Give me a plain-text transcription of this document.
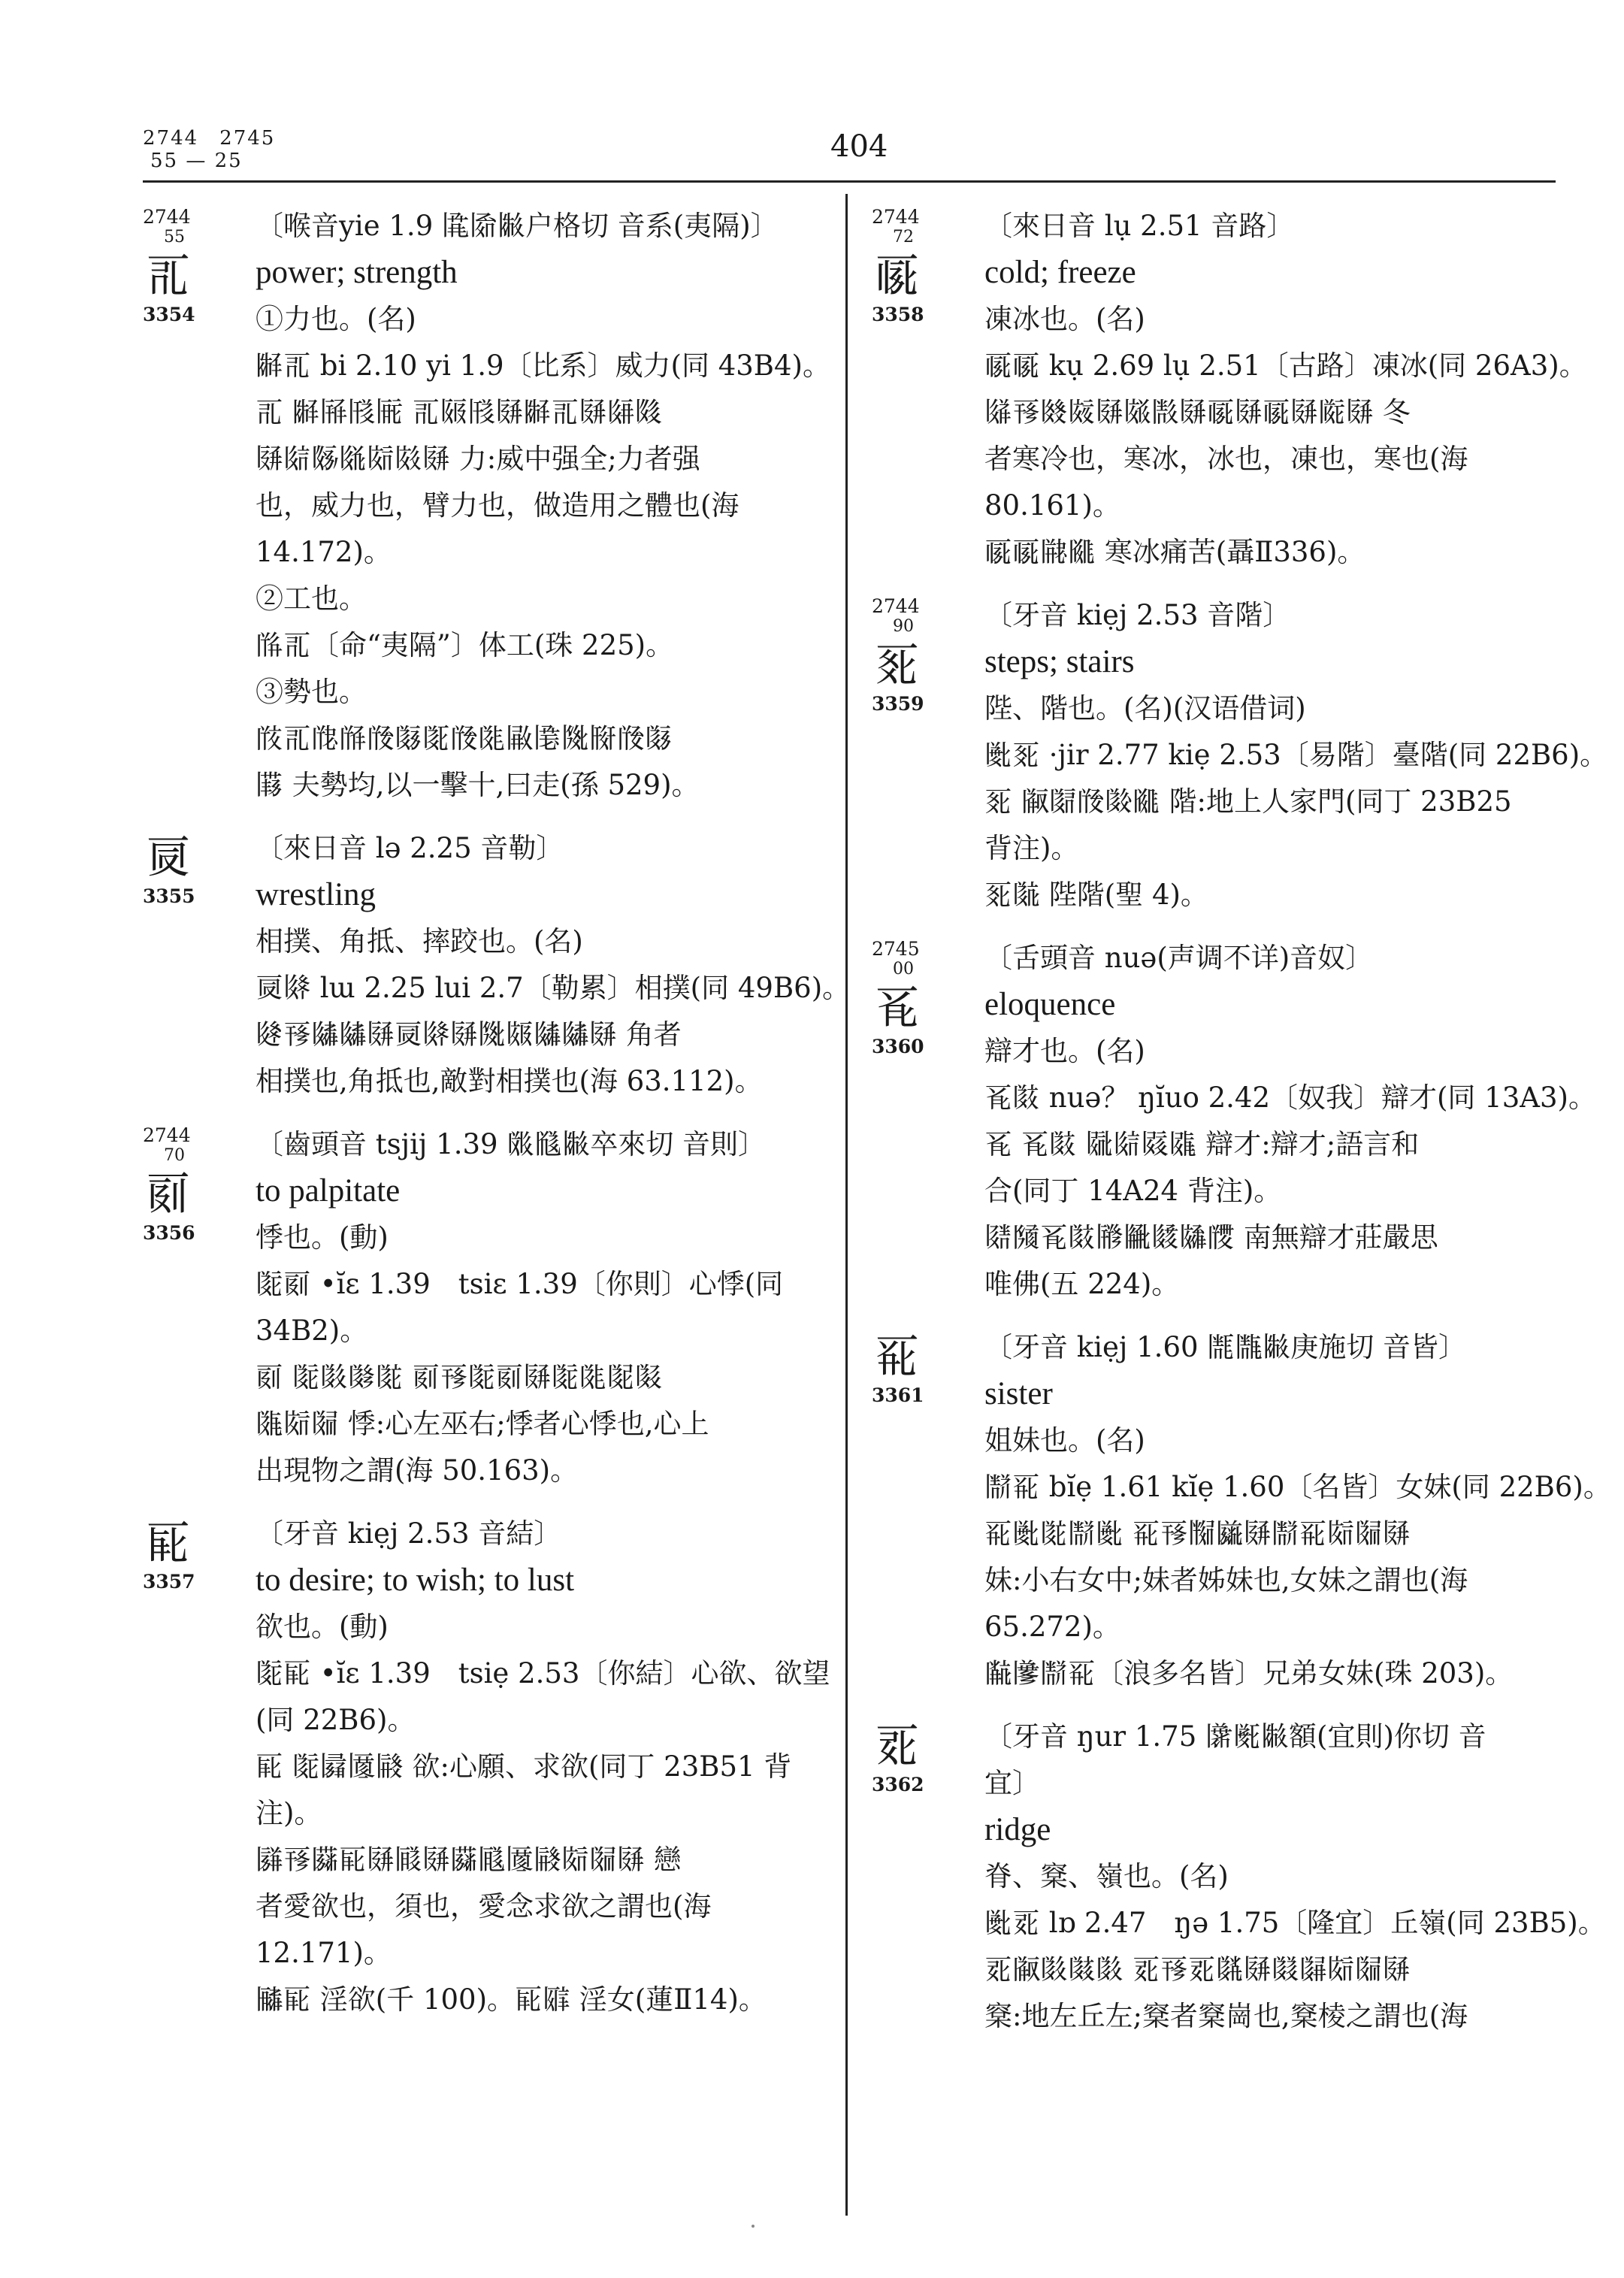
2744　2745
55 — 25	404
2744
55
𗀀
3354
〔喉音yie 1.9 𗁡𗁢𗁣户格切 音系(夷隔)〕
power; strength
①力也。(名)
𗁤𗀀 bi 2.10 yi 1.9〔比系〕威力(同 43B4)。
𗀀 𗁤𗁥𗁦𗁧 𗀀𗁨𗁦𗁩𗁤𗀀𗁩𗁪𗁫
𗁩𗁬𗁭𗁮𗁯𗁰𗁩 力:威中强全;力者强
也，威力也，臂力也，做造用之體也(海
14.172)。
②工也。
𗁱𗀀〔命“夷隔”〕体工(珠 225)。
③勢也。
𗁲𗀀𗁳𗁴𗁵𗁶𗁷𗁵𗁸𗁹𗁺𗁻𗁼𗁵𗁶
𗁽 夫勢均,以一擊十,曰走(孫 529)。
𗀁
3355
〔來日音 lə 2.25 音勒〕
wrestling
相撲、角抵、摔跤也。(名)
𗀁𗁾 lɯ 2.25 lui 2.7〔勒累〕相撲(同 49B6)。
𗁿𗀂𗂀𗂀𗁩𗀁𗁾𗁩𗁻𗂁𗂀𗂀𗁩 角者
相撲也,角抵也,敵對相撲也(海 63.112)。
2744
70
𗀃
3356
〔齒頭音 tsjij 1.39 𗂂𗂃𗁣卒來切 音則〕
to palpitate
悸也。(動)
𗂄𗀃 •ĭɛ 1.39　tsiɛ 1.39〔你則〕心悸(同
34B2)。
𗀃 𗂄𗂅𗂆𗂇 𗀃𗀂𗂄𗀃𗁩𗂄𗁸𗂈𗂉
𗂊𗁯𗂋 悸:心左巫右;悸者心悸也,心上
出現物之謂(海 50.163)。
𗀄
3357
〔牙音 kiẹj 2.53 音結〕
to desire; to wish; to lust
欲也。(動)
𗂄𗀄 •ĭɛ 1.39　tsiẹ 2.53〔你結〕心欲、欲望
(同 22B6)。
𗀄 𗂄𗂌𗂍𗂎 欲:心願、求欲(同丁 23B51 背
注)。
𗂏𗀂𗂐𗀄𗁩𗂑𗁩𗂐𗂒𗂍𗂎𗁯𗂋𗁩 戀
者愛欲也，須也，愛念求欲之謂也(海
12.171)。
𗂓𗀄 淫欲(千 100)。𗀄𗂔 淫女(蓮Ⅱ14)。
2744
72
𗀅
3358
〔來日音 lụ 2.51 音路〕
cold; freeze
凍冰也。(名)
𗀅𗀅 kụ 2.69 lụ 2.51〔古路〕凍冰(同 26A3)。
𗂕𗀂𗂖𗂗𗁩𗂘𗂙𗁩𗀅𗁩𗀅𗁩𗂚𗁩 冬
者寒冷也，寒冰，冰也，凍也，寒也(海
80.161)。
𗀅𗀅𗂛𗂜 寒冰痛苦(聶Ⅱ336)。
2744
90
𗀆
3359
〔牙音 kiẹj 2.53 音階〕
steps; stairs
陛、階也。(名)(汉语借词)
𗂝𗀆 ·jir 2.77 kiẹ 2.53〔易階〕臺階(同 22B6)。
𗀆 𗂞𗂟𗁵𗂠𗂜 階:地上人家門(同丁 23B25
背注)。
𗀆𗂡 陛階(聖 4)。
2745
00
𗀇
3360
〔舌頭音 nuə(声调不详)音奴〕
eloquence
辯才也。(名)
𗀇𗂢 nuə？ ŋĭuo 2.42〔奴我〕辯才(同 13A3)。
𗀇 𗀇𗂢 𗂣𗁬𗂤𗂥 辯才:辯才;語言和
合(同丁 14A24 背注)。
𗂦𗂧𗀇𗂢𗂨𗂩𗂪𗂫𗂬 南無辯才莊嚴思
唯佛(五 224)。
𗀈
3361
〔牙音 kiẹj 1.60 𗂭𗂮𗁣庚施切 音皆〕
sister
姐妹也。(名)
𗂯𗀈 bĭẹ 1.61 kĭẹ 1.60〔名皆〕女妹(同 22B6)。
𗀈𗂝𗂇𗂯𗂝 𗀈𗀂𗂰𗂱𗁩𗂯𗀈𗁯𗂋𗁩
妹:小右女中;妹者姊妹也,女妹之謂也(海
65.272)。
𗂲𗂳𗂯𗀈〔浪多名皆〕兄弟女妹(珠 203)。
𗀉
3362
〔牙音 ŋur 1.75 𗂴𗂵𗁣額(宜則)你切 音
宜〕
ridge
脊、㮤、嶺也。(名)
𗂝𗀉 lɒ 2.47　ŋə 1.75〔隆宜〕丘嶺(同 23B5)。
𗀉𗂞𗂅𗂶𗂅 𗀉𗀂𗀉𗂷𗁩𗂸𗂹𗁯𗂋𗁩
㮤:地左丘左;㮤者㮤崗也,㮤棱之謂也(海
